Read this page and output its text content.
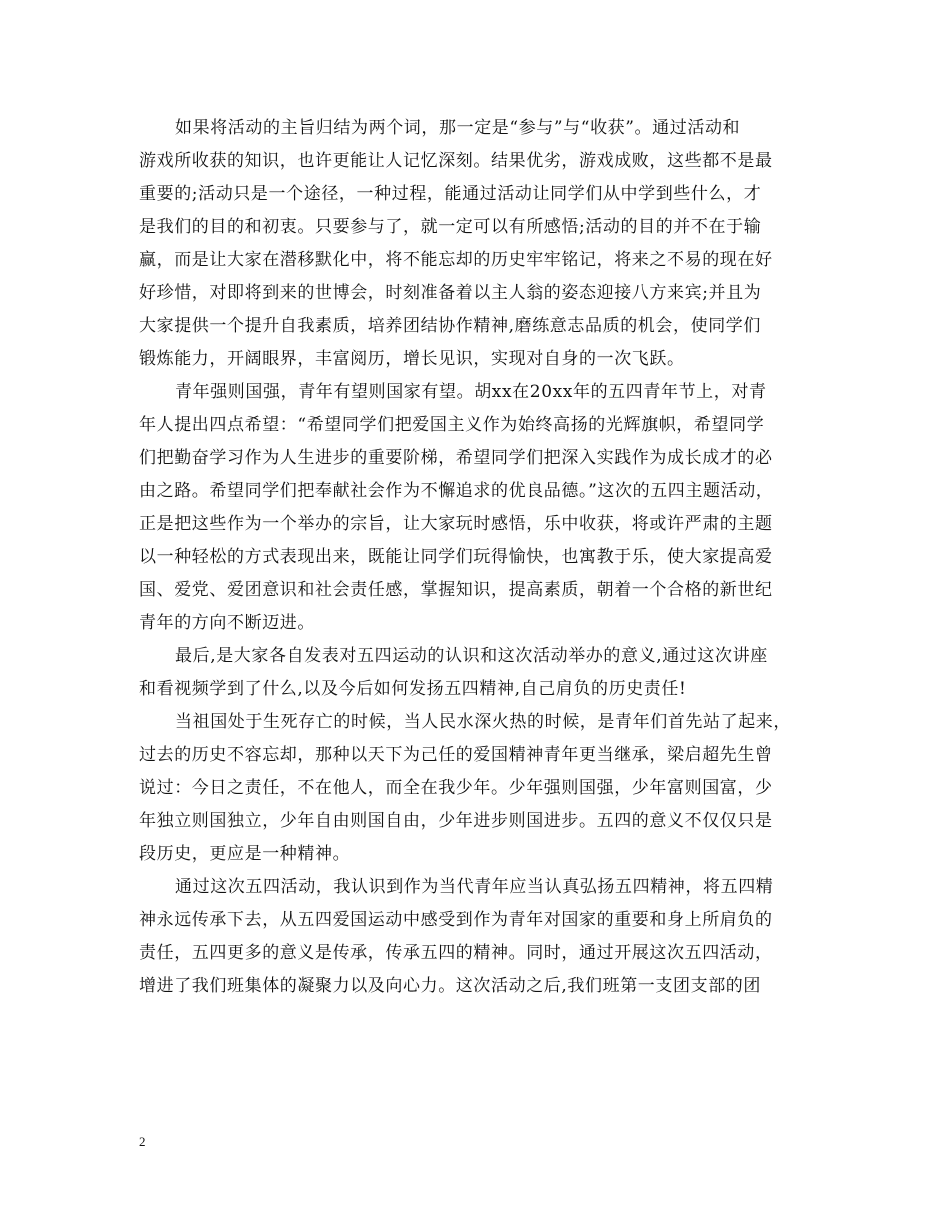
如果将活动的主旨归结为两个词，那一定是“参与”与“收获”。通过活动和
游戏所收获的知识，也许更能让人记忆深刻。结果优劣，游戏成败，这些都不是最
重要的;活动只是一个途径，一种过程，能通过活动让同学们从中学到些什么，才
是我们的目的和初衷。只要参与了，就一定可以有所感悟;活动的目的并不在于输
赢，而是让大家在潜移默化中，将不能忘却的历史牢牢铭记，将来之不易的现在好
好珍惜，对即将到来的世博会，时刻准备着以主人翁的姿态迎接八方来宾;并且为
大家提供一个提升自我素质，培养团结协作精神,磨练意志品质的机会，使同学们
锻炼能力，开阔眼界，丰富阅历，增长见识，实现对自身的一次飞跃。

青年强则国强，青年有望则国家有望。胡xx在20xx年的五四青年节上，对青
年人提出四点希望：“希望同学们把爱国主义作为始终高扬的光辉旗帜，希望同学
们把勤奋学习作为人生进步的重要阶梯，希望同学们把深入实践作为成长成才的必
由之路。希望同学们把奉献社会作为不懈追求的优良品德。”这次的五四主题活动，
正是把这些作为一个举办的宗旨，让大家玩时感悟，乐中收获，将或许严肃的主题
以一种轻松的方式表现出来，既能让同学们玩得愉快，也寓教于乐，使大家提高爱
国、爱党、爱团意识和社会责任感，掌握知识，提高素质，朝着一个合格的新世纪
青年的方向不断迈进。

最后,是大家各自发表对五四运动的认识和这次活动举办的意义,通过这次讲座
和看视频学到了什么,以及今后如何发扬五四精神,自己肩负的历史责任!

当祖国处于生死存亡的时候，当人民水深火热的时候，是青年们首先站了起来，
过去的历史不容忘却，那种以天下为己任的爱国精神青年更当继承，梁启超先生曾
说过：今日之责任，不在他人，而全在我少年。少年强则国强，少年富则国富，少
年独立则国独立，少年自由则国自由，少年进步则国进步。五四的意义不仅仅只是
段历史，更应是一种精神。

通过这次五四活动，我认识到作为当代青年应当认真弘扬五四精神，将五四精
神永远传承下去，从五四爱国运动中感受到作为青年对国家的重要和身上所肩负的
责任，五四更多的意义是传承，传承五四的精神。同时，通过开展这次五四活动，
增进了我们班集体的凝聚力以及向心力。这次活动之后,我们班第一支团支部的团

2
